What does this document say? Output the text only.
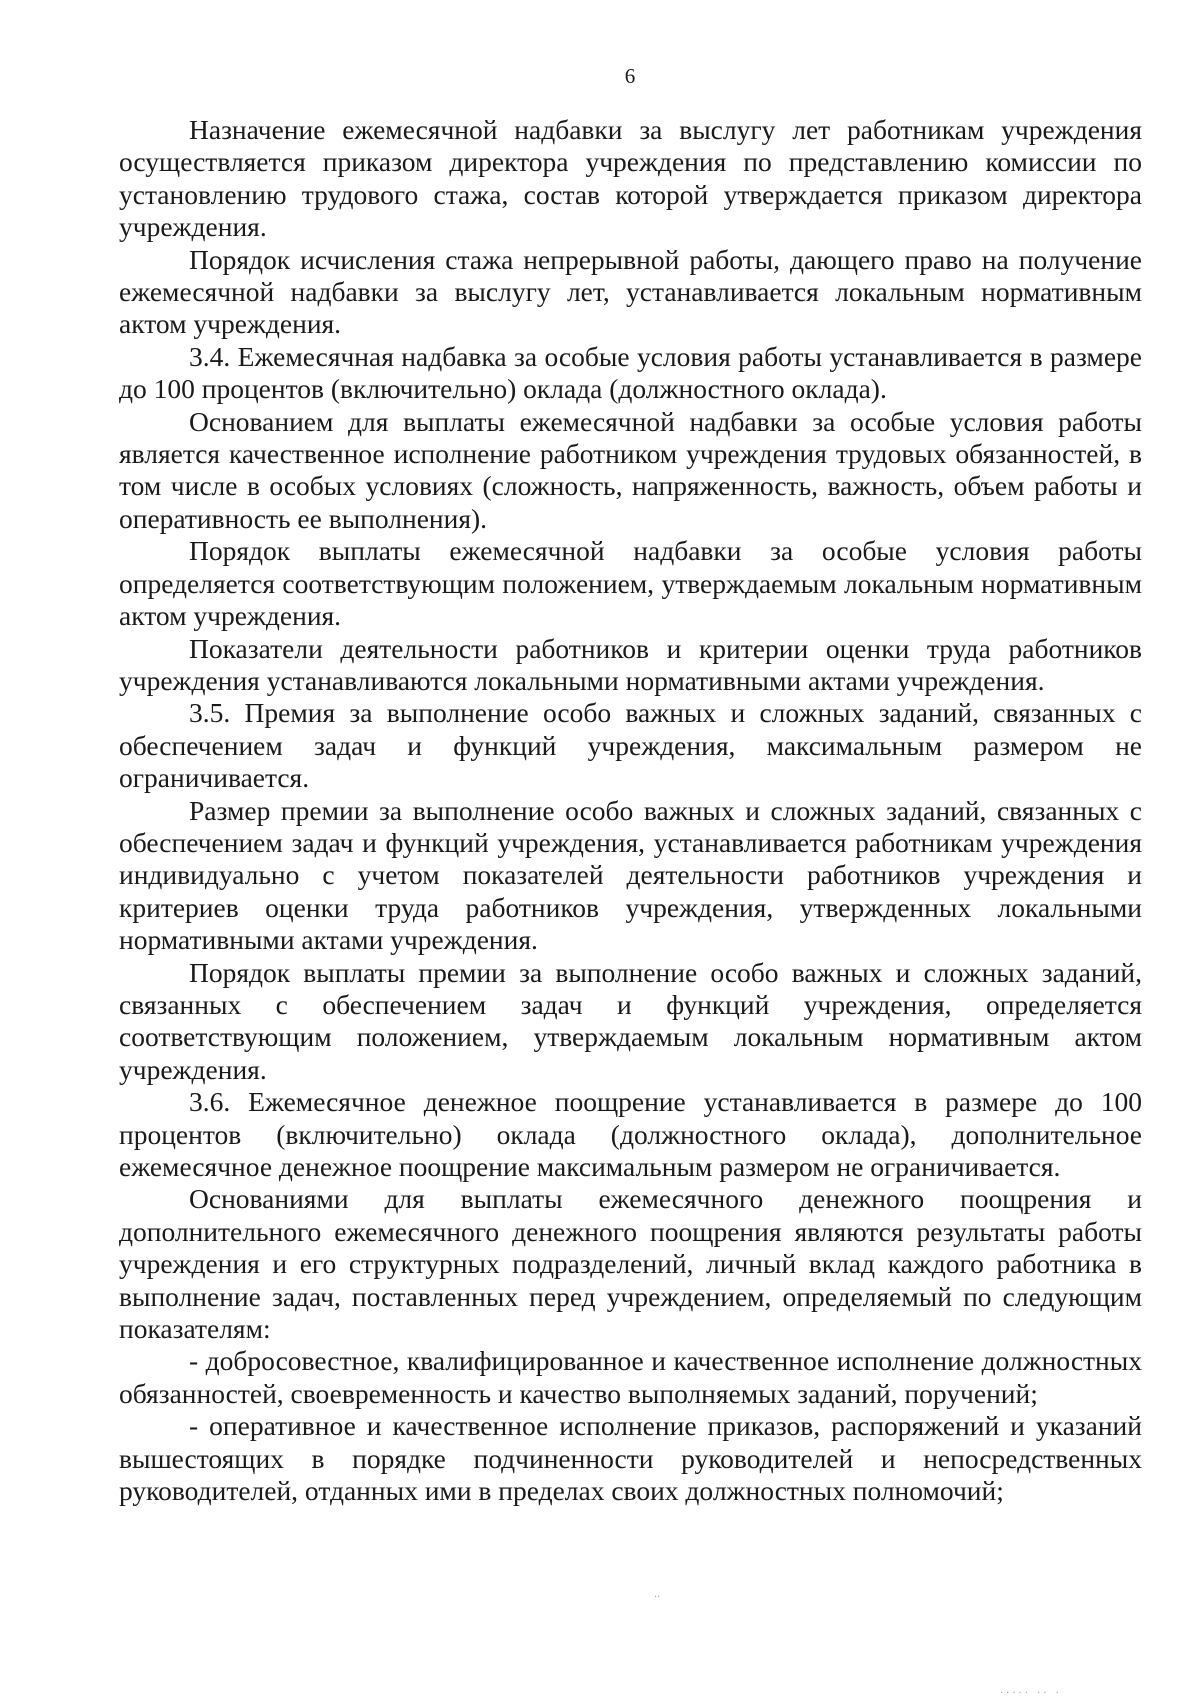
6

Назначение ежемесячной надбавки за выслугу лет работникам учреждения осуществляется приказом директора учреждения по представлению комиссии по установлению трудового стажа, состав которой утверждается приказом директора учреждения.

Порядок исчисления стажа непрерывной работы, дающего право на получение ежемесячной надбавки за выслугу лет, устанавливается локальным нормативным актом учреждения.

3.4. Ежемесячная надбавка за особые условия работы устанавливается в размере до 100 процентов (включительно) оклада (должностного оклада).

Основанием для выплаты ежемесячной надбавки за особые условия работы является качественное исполнение работником учреждения трудовых обязанностей, в том числе в особых условиях (сложность, напряженность, важность, объем работы и оперативность ее выполнения).

Порядок выплаты ежемесячной надбавки за особые условия работы определяется соответствующим положением, утверждаемым локальным нормативным актом учреждения.

Показатели деятельности работников и критерии оценки труда работников учреждения устанавливаются локальными нормативными актами учреждения.

3.5. Премия за выполнение особо важных и сложных заданий, связанных с обеспечением задач и функций учреждения, максимальным размером не ограничивается.

Размер премии за выполнение особо важных и сложных заданий, связанных с обеспечением задач и функций учреждения, устанавливается работникам учреждения индивидуально с учетом показателей деятельности работников учреждения и критериев оценки труда работников учреждения, утвержденных локальными нормативными актами учреждения.

Порядок выплаты премии за выполнение особо важных и сложных заданий, связанных с обеспечением задач и функций учреждения, определяется соответствующим положением, утверждаемым локальным нормативным актом учреждения.

3.6. Ежемесячное денежное поощрение устанавливается в размере до 100 процентов (включительно) оклада (должностного оклада), дополнительное ежемесячное денежное поощрение максимальным размером не ограничивается.

Основаниями для выплаты ежемесячного денежного поощрения и дополнительного ежемесячного денежного поощрения являются результаты работы учреждения и его структурных подразделений, личный вклад каждого работника в выполнение задач, поставленных перед учреждением, определяемый по следующим показателям:

- добросовестное, квалифицированное и качественное исполнение должностных обязанностей, своевременность и качество выполняемых заданий, поручений;

- оперативное и качественное исполнение приказов, распоряжений и указаний вышестоящих в порядке подчиненности руководителей и непосредственных руководителей, отданных ими в пределах своих должностных полномочий;

··
····· ·· ·
